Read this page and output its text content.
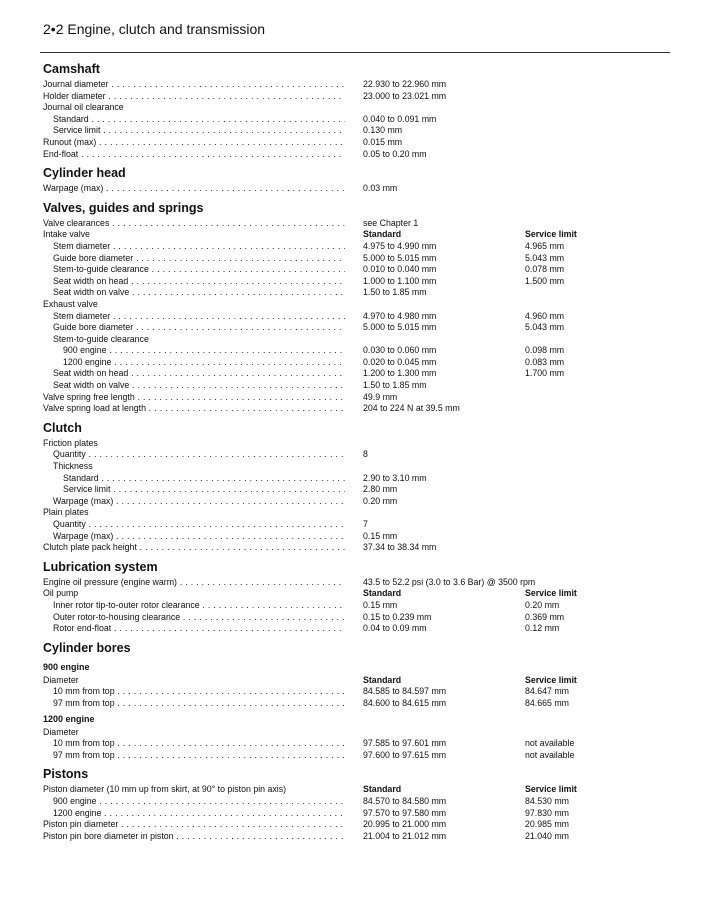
2•2 Engine, clutch and transmission
Camshaft
Journal diameter . . .	22.930 to 22.960 mm
Holder diameter . . .	23.000 to 23.021 mm
Journal oil clearance
Standard . . .	0.040 to 0.091 mm
Service limit . . .	0.130 mm
Runout (max) . . .	0.015 mm
End-float . . .	0.05 to 0.20 mm
Cylinder head
Warpage (max) . . .	0.03 mm
Valves, guides and springs
Valve clearances . . .	see Chapter 1
Intake valve	Standard	Service limit
Stem diameter . . .	4.975 to 4.990 mm	4.965 mm
Guide bore diameter . . .	5.000 to 5.015 mm	5.043 mm
Stem-to-guide clearance . . .	0.010 to 0.040 mm	0.078 mm
Seat width on head . . .	1.000 to 1.100 mm	1.500 mm
Seat width on valve . . .	1.50 to 1.85 mm
Exhaust valve
Stem diameter . . .	4.970 to 4.980 mm	4.960 mm
Guide bore diameter . . .	5.000 to 5.015 mm	5.043 mm
Stem-to-guide clearance
900 engine . . .	0.030 to 0.060 mm	0.098 mm
1200 engine . . .	0.020 to 0.045 mm	0.083 mm
Seat width on head . . .	1.200 to 1.300 mm	1.700 mm
Seat width on valve . . .	1.50 to 1.85 mm
Valve spring free length . . .	49.9 mm
Valve spring load at length . . .	204 to 224 N at 39.5 mm
Clutch
Friction plates
Quantity . . .	8
Thickness
Standard . . .	2.90 to 3.10 mm
Service limit . . .	2.80 mm
Warpage (max) . . .	0.20 mm
Plain plates
Quantity . . .	7
Warpage (max) . . .	0.15 mm
Clutch plate pack height . . .	37.34 to 38.34 mm
Lubrication system
Engine oil pressure (engine warm) . . .	43.5 to 52.2 psi (3.0 to 3.6 Bar) @ 3500 rpm
Oil pump	Standard	Service limit
Inner rotor tip-to-outer rotor clearance . . .	0.15 mm	0.20 mm
Outer rotor-to-housing clearance . . .	0.15 to 0.239 mm	0.369 mm
Rotor end-float . . .	0.04 to 0.09 mm	0.12 mm
Cylinder bores
900 engine
Diameter	Standard	Service limit
10 mm from top . . .	84.585 to 84.597 mm	84.647 mm
97 mm from top . . .	84.600 to 84.615 mm	84.665 mm
1200 engine
Diameter
10 mm from top . . .	97.585 to 97.601 mm	not available
97 mm from top . . .	97.600 to 97.615 mm	not available
Pistons
Piston diameter (10 mm up from skirt, at 90° to piston pin axis)	Standard	Service limit
900 engine . . .	84.570 to 84.580 mm	84.530 mm
1200 engine . . .	97.570 to 97.580 mm	97.830 mm
Piston pin diameter . . .	20.995 to 21.000 mm	20.985 mm
Piston pin bore diameter in piston . . .	21.004 to 21.012 mm	21.040 mm
